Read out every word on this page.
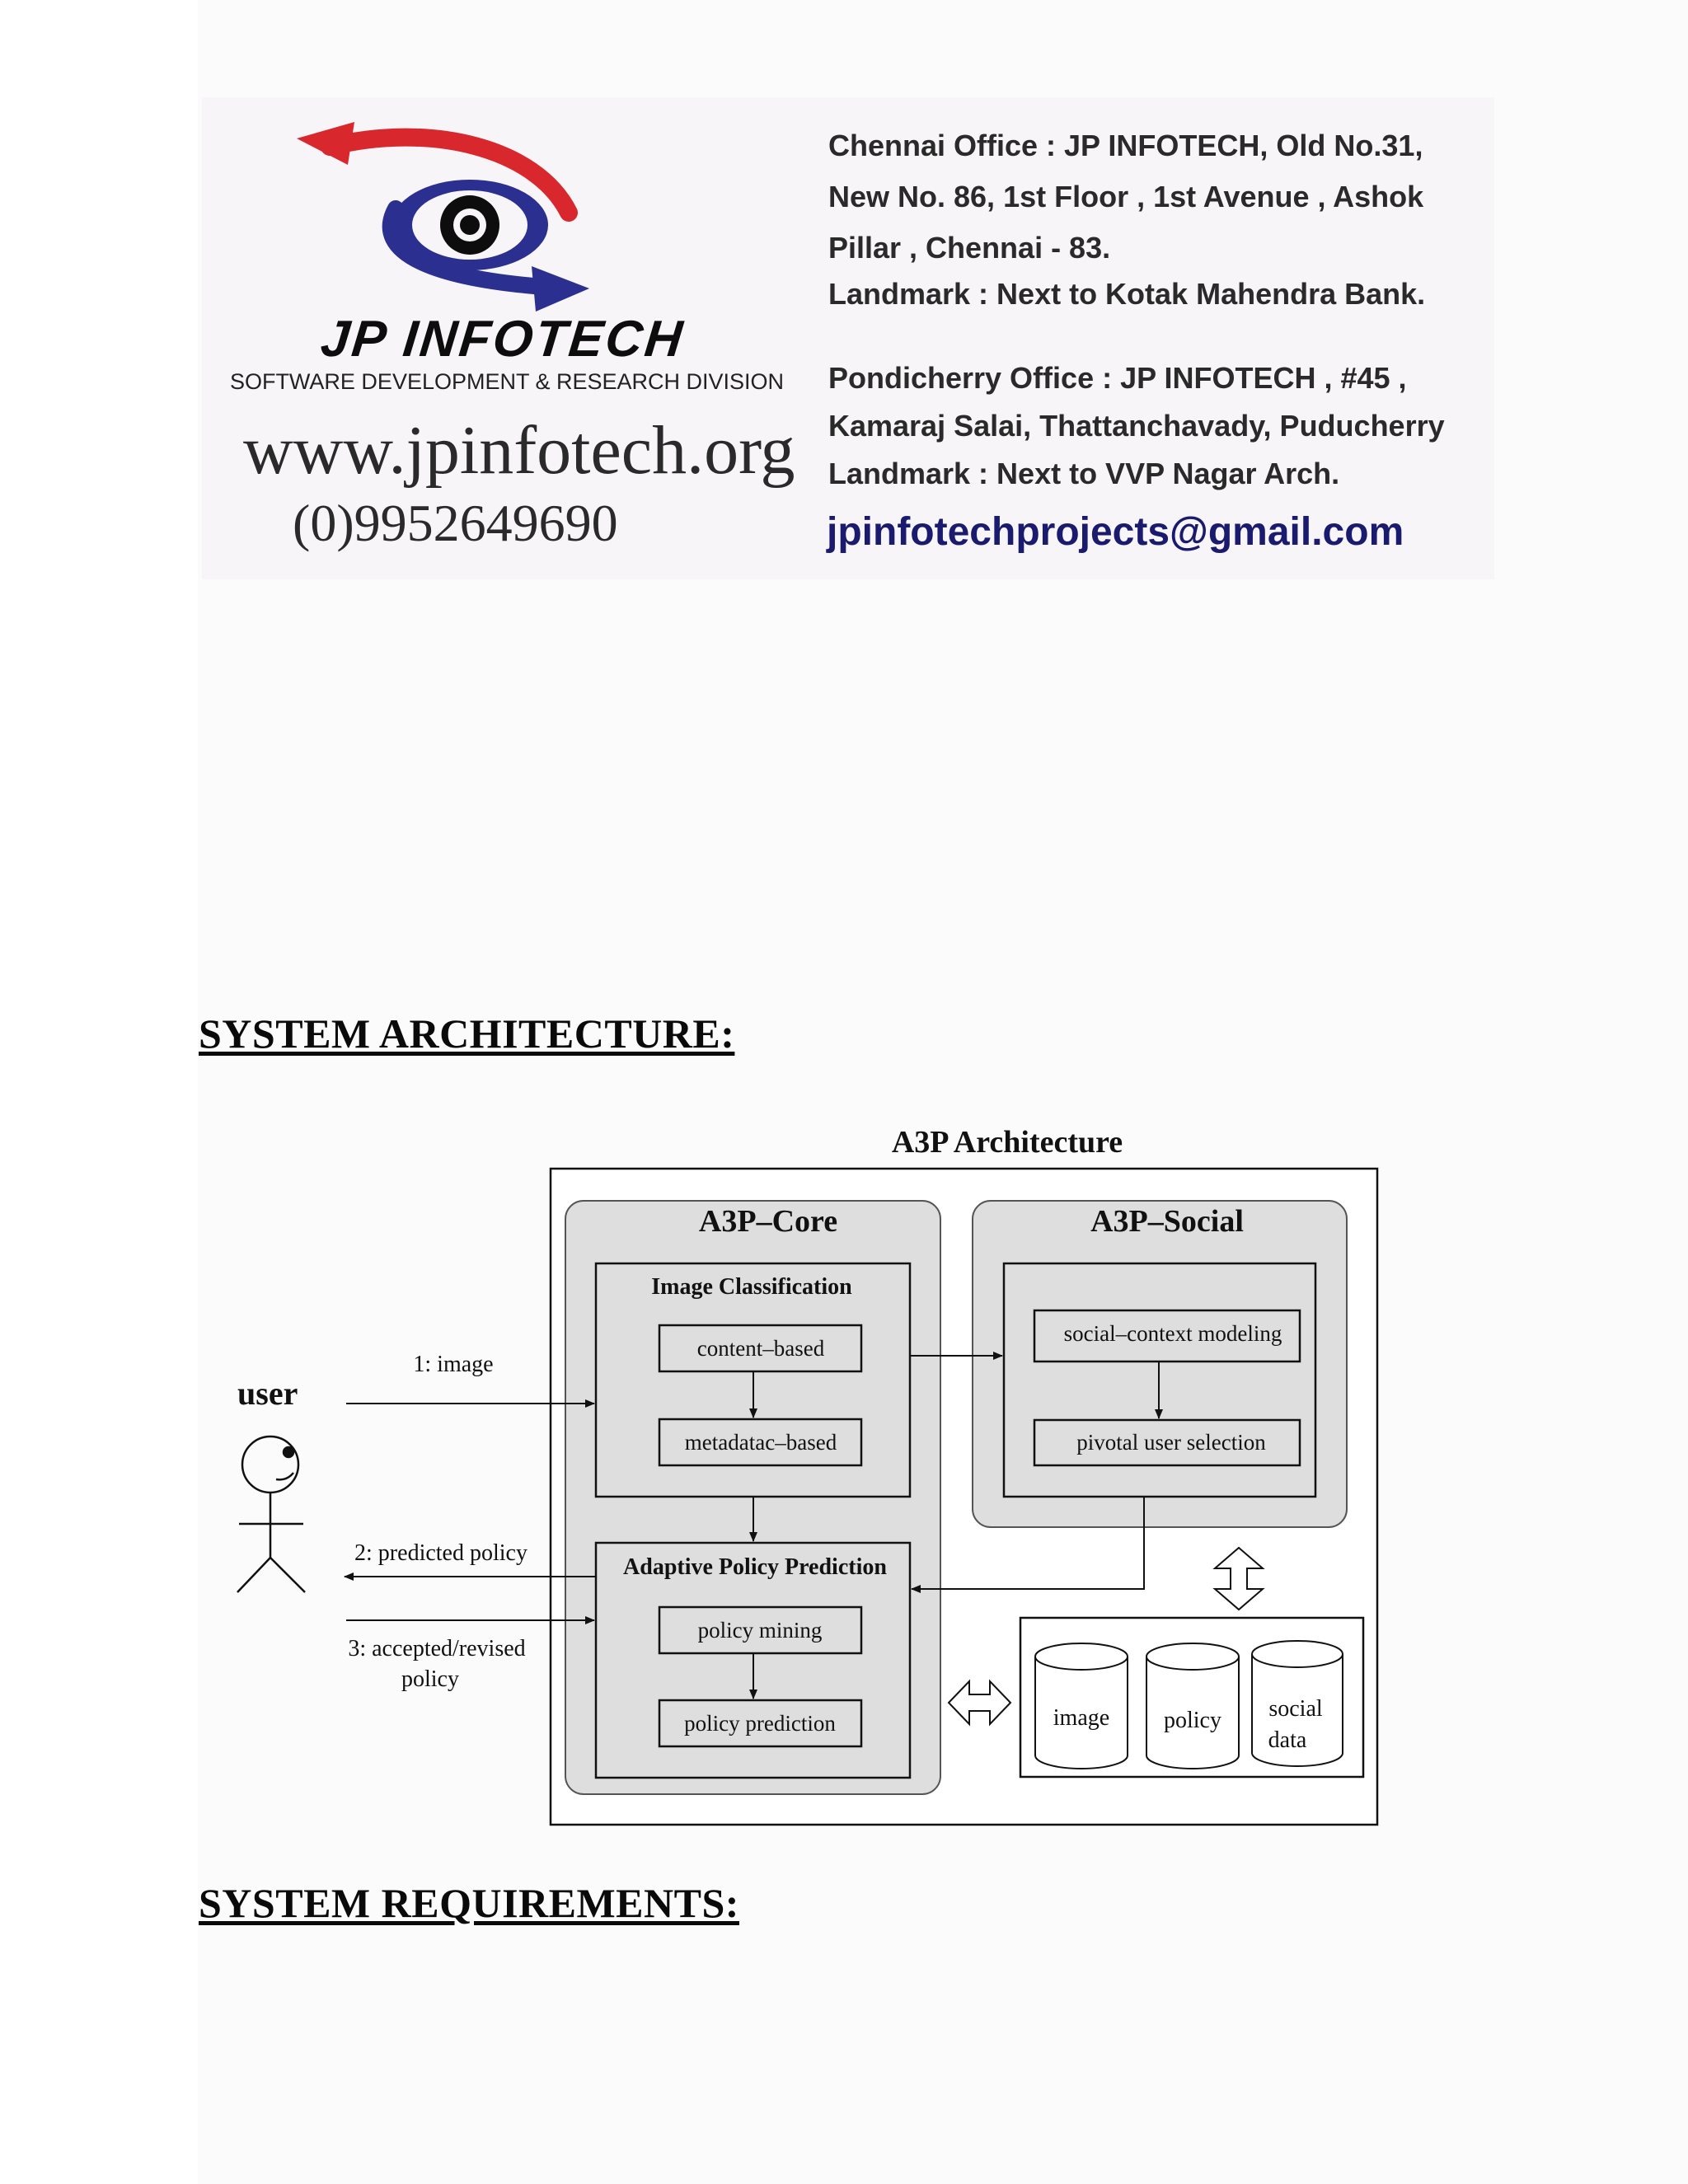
JP INFOTECH
SOFTWARE DEVELOPMENT & RESEARCH DIVISION
www.jpinfotech.org
(0)9952649690
Chennai Office : JP INFOTECH, Old No.31,
New No. 86, 1st Floor , 1st Avenue , Ashok
Pillar , Chennai - 83.
Landmark : Next to Kotak Mahendra Bank.
Pondicherry Office : JP INFOTECH , #45 ,
Kamaraj Salai, Thattanchavady, Puducherry
Landmark : Next to VVP Nagar Arch.
jpinfotechprojects@gmail.com
SYSTEM ARCHITECTURE:
SYSTEM REQUIREMENTS:
A3P Architecture
A3P–Core
Image Classification
content–based
metadatac–based
Adaptive Policy Prediction
policy mining
policy prediction
A3P–Social
social–context modeling
pivotal user selection
image policy social
data
user
1: image
2: predicted policy
3: accepted/revised
policy
